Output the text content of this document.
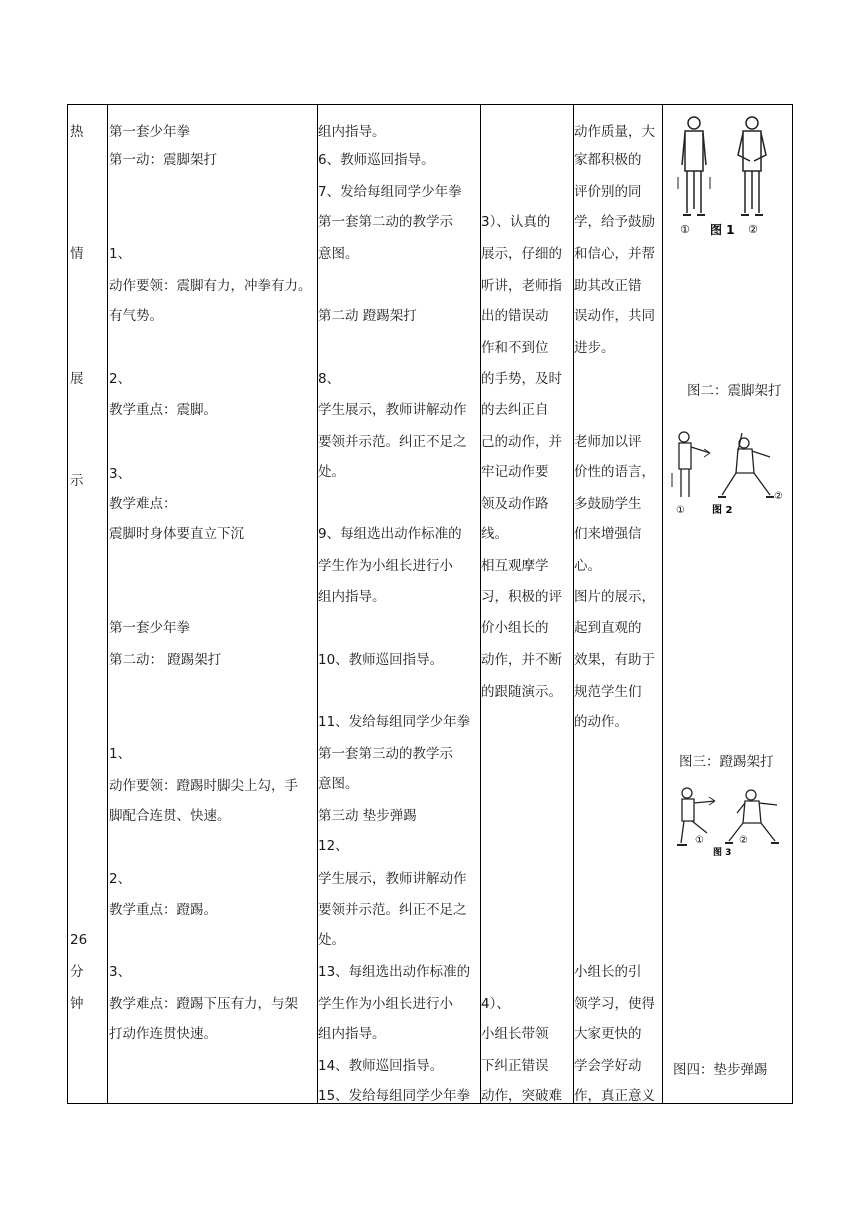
热
情
展
示
26
分
钟
第一套少年拳
第一动：震脚架打
1、
动作要领：震脚有力，冲拳有力。
有气势。
2、
教学重点：震脚。
3、
教学难点：
震脚时身体要直立下沉
第一套少年拳
第二动： 蹬踢架打
1、
动作要领：蹬踢时脚尖上勾，手
脚配合连贯、快速。
2、
教学重点：蹬踢。
3、
教学难点：蹬踢下压有力，与架
打动作连贯快速。
组内指导。
6、教师巡回指导。
7、发给每组同学少年拳
第一套第二动的教学示
意图。
第二动 蹬踢架打
8、
学生展示，教师讲解动作
要领并示范。纠正不足之
处。
9、每组选出动作标准的
学生作为小组长进行小
组内指导。
10、教师巡回指导。
11、发给每组同学少年拳
第一套第三动的教学示
意图。
第三动 垫步弹踢
12、
学生展示，教师讲解动作
要领并示范。纠正不足之
处。
13、每组选出动作标准的
学生作为小组长进行小
组内指导。
14、教师巡回指导。
15、发给每组同学少年拳
3）、认真的
展示，仔细的
听讲，老师指
出的错误动
作和不到位
的手势，及时
的去纠正自
己的动作，并
牢记动作要
领及动作路
线。
相互观摩学
习，积极的评
价小组长的
动作，并不断
的跟随演示。
4）、
小组长带领
下纠正错误
动作，突破难
动作质量，大
家都积极的
评价别的同
学，给予鼓励
和信心，并帮
助其改正错
误动作，共同
进步。
老师加以评
价性的语言，
多鼓励学生
们来增强信
心。
图片的展示，
起到直观的
效果，有助于
规范学生们
的动作。
小组长的引
领学习，使得
大家更快的
学会学好动
作，真正意义
① 图 1 ②
图二：震脚架打
①	图 2
②
图三：蹬踢架打
①
图 3
②
图四：垫步弹踢
